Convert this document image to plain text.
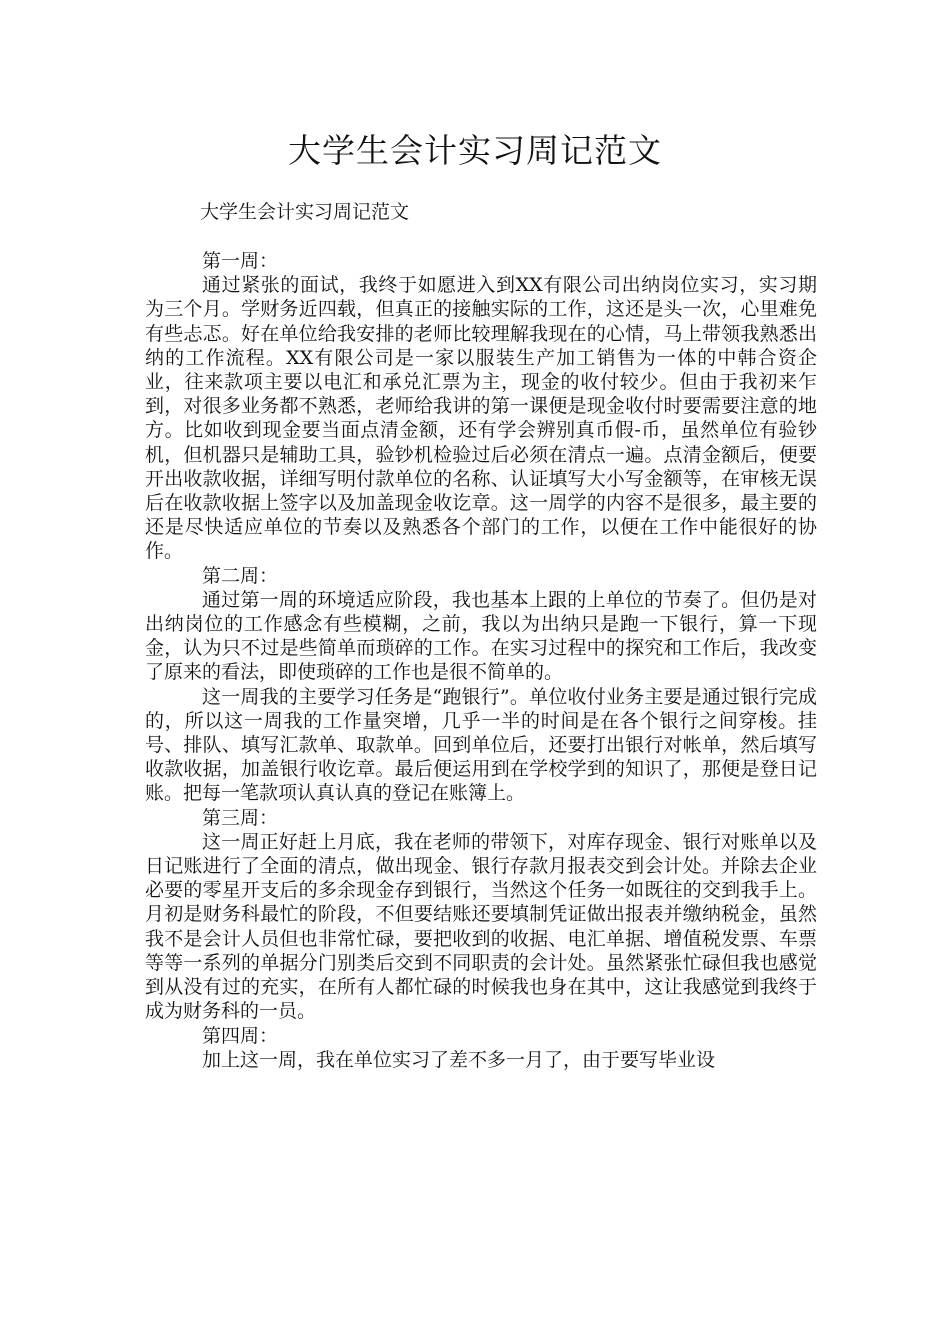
大学生会计实习周记范文
大学生会计实习周记范文

第一周：

通过紧张的面试，我终于如愿进入到XX有限公司出纳岗位实习，实习期为三个月。学财务近四载，但真正的接触实际的工作，这还是头一次，心里难免有些忐忑。好在单位给我安排的老师比较理解我现在的心情，马上带领我熟悉出纳的工作流程。XX有限公司是一家以服装生产加工销售为一体的中韩合资企业，往来款项主要以电汇和承兑汇票为主，现金的收付较少。但由于我初来乍到，对很多业务都不熟悉，老师给我讲的第一课便是现金收付时要需要注意的地方。比如收到现金要当面点清金额，还有学会辨别真币假-币，虽然单位有验钞机，但机器只是辅助工具，验钞机检验过后必须在清点一遍。点清金额后，便要开出收款收据，详细写明付款单位的名称、认证填写大小写金额等，在审核无误后在收款收据上签字以及加盖现金收讫章。这一周学的内容不是很多，最主要的还是尽快适应单位的节奏以及熟悉各个部门的工作，以便在工作中能很好的协作。

第二周：

通过第一周的环境适应阶段，我也基本上跟的上单位的节奏了。但仍是对出纳岗位的工作感念有些模糊，之前，我以为出纳只是跑一下银行，算一下现金，认为只不过是些简单而琐碎的工作。在实习过程中的探究和工作后，我改变了原来的看法，即使琐碎的工作也是很不简单的。

这一周我的主要学习任务是“跑银行”。单位收付业务主要是通过银行完成的，所以这一周我的工作量突增，几乎一半的时间是在各个银行之间穿梭。挂号、排队、填写汇款单、取款单。回到单位后，还要打出银行对帐单，然后填写收款收据，加盖银行收讫章。最后便运用到在学校学到的知识了，那便是登日记账。把每一笔款项认真认真的登记在账簿上。

第三周：

这一周正好赶上月底，我在老师的带领下，对库存现金、银行对账单以及日记账进行了全面的清点，做出现金、银行存款月报表交到会计处。并除去企业必要的零星开支后的多余现金存到银行，当然这个任务一如既往的交到我手上。月初是财务科最忙的阶段，不但要结账还要填制凭证做出报表并缴纳税金，虽然我不是会计人员但也非常忙碌，要把收到的收据、电汇单据、增值税发票、车票等等一系列的单据分门别类后交到不同职责的会计处。虽然紧张忙碌但我也感觉到从没有过的充实，在所有人都忙碌的时候我也身在其中，这让我感觉到我终于成为财务科的一员。

第四周：

加上这一周，我在单位实习了差不多一月了，由于要写毕业设
